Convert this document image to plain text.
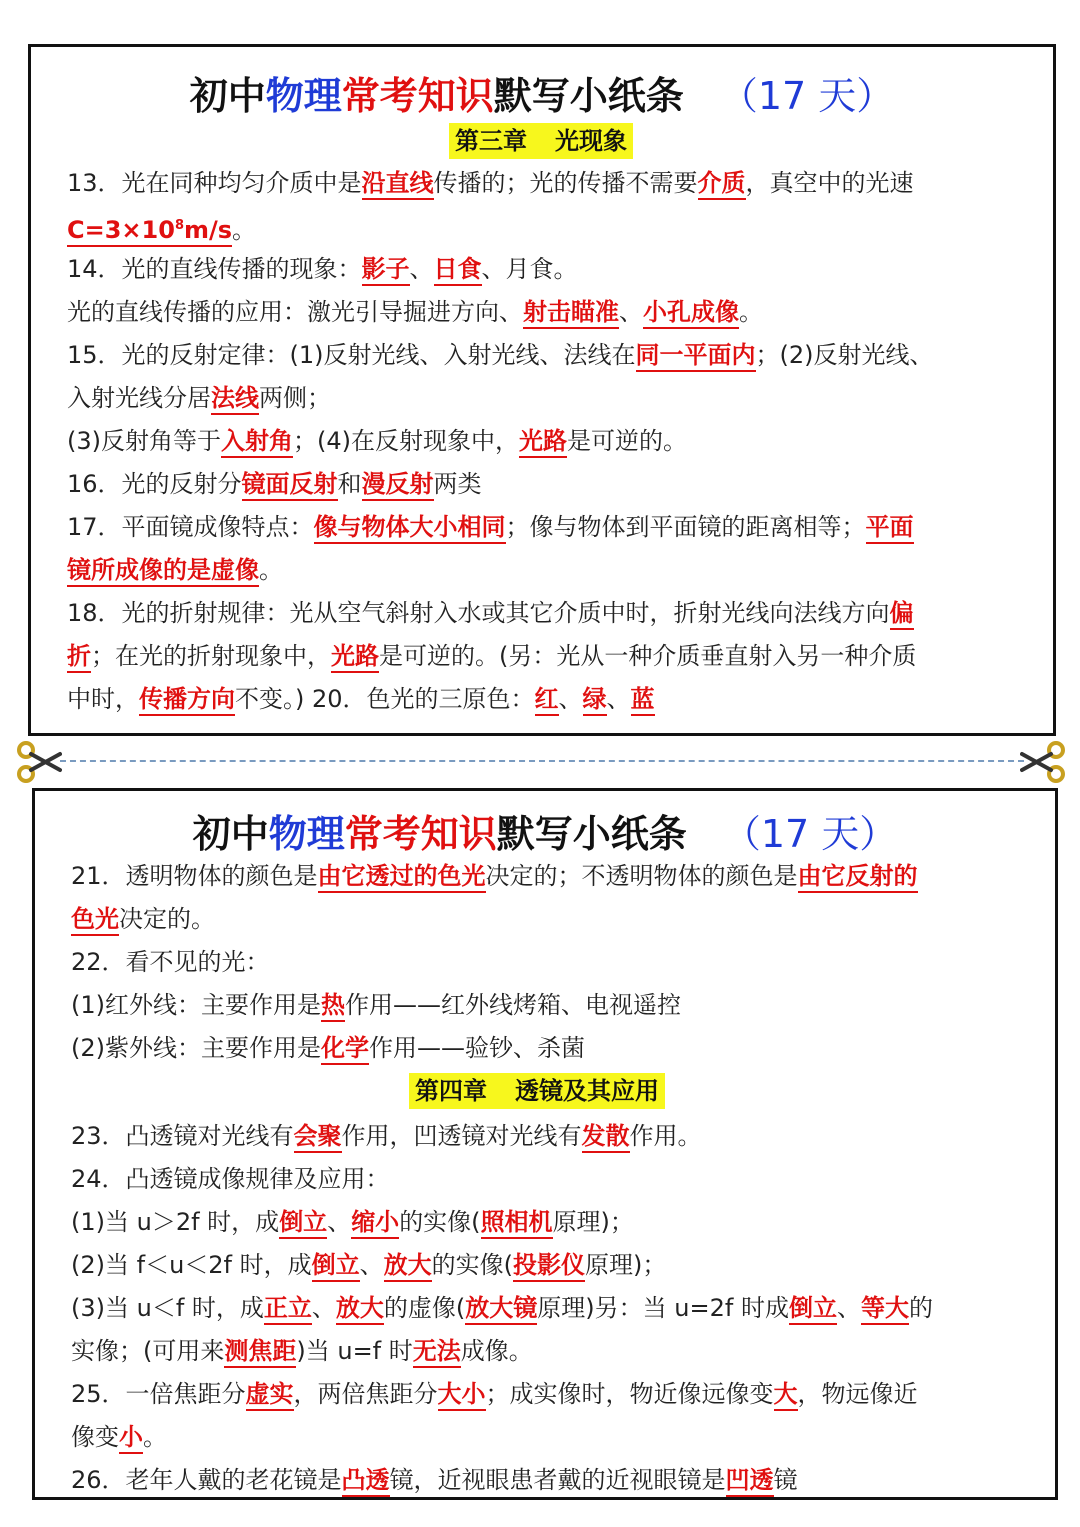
初中物理常考知识默写小纸条 （17 天）
第三章 光现象
13．光在同种均匀介质中是沿直线传播的；光的传播不需要介质，真空中的光速
$C=3\times 10^8m/s$。
14．光的直线传播的现象：影子、日食、月食。
光的直线传播的应用：激光引导掘进方向、射击瞄准、小孔成像。
15．光的反射定律：(1)反射光线、入射光线、法线在同一平面内；(2)反射光线、
入射光线分居法线两侧；
(3)反射角等于入射角；(4)在反射现象中，光路是可逆的。
16．光的反射分镜面反射和漫反射两类
17．平面镜成像特点：像与物体大小相同；像与物体到平面镜的距离相等；平面
镜所成像的是虚像。
18．光的折射规律：光从空气斜射入水或其它介质中时，折射光线向法线方向偏
折；在光的折射现象中，光路是可逆的。(另：光从一种介质垂直射入另一种介质
中时，传播方向不变。) 20．色光的三原色：红、绿、蓝
初中物理常考知识默写小纸条 （17 天）
21．透明物体的颜色是由它透过的色光决定的；不透明物体的颜色是由它反射的
色光决定的。
22．看不见的光：
(1)红外线：主要作用是热作用——红外线烤箱、电视遥控
(2)紫外线：主要作用是化学作用——验钞、杀菌
第四章 透镜及其应用
23．凸透镜对光线有会聚作用，凹透镜对光线有发散作用。
24．凸透镜成像规律及应用：
(1)当 u＞2f 时，成倒立、缩小的实像(照相机原理)；
(2)当 f＜u＜2f 时，成倒立、放大的实像(投影仪原理)；
(3)当 u＜f 时，成正立、放大的虚像(放大镜原理)另：当 u=2f 时成倒立、等大的
实像；(可用来测焦距)当 u=f 时无法成像。
25．一倍焦距分虚实，两倍焦距分大小；成实像时，物近像远像变大，物远像近
像变小。
26．老年人戴的老花镜是凸透镜，近视眼患者戴的近视眼镜是凹透镜
